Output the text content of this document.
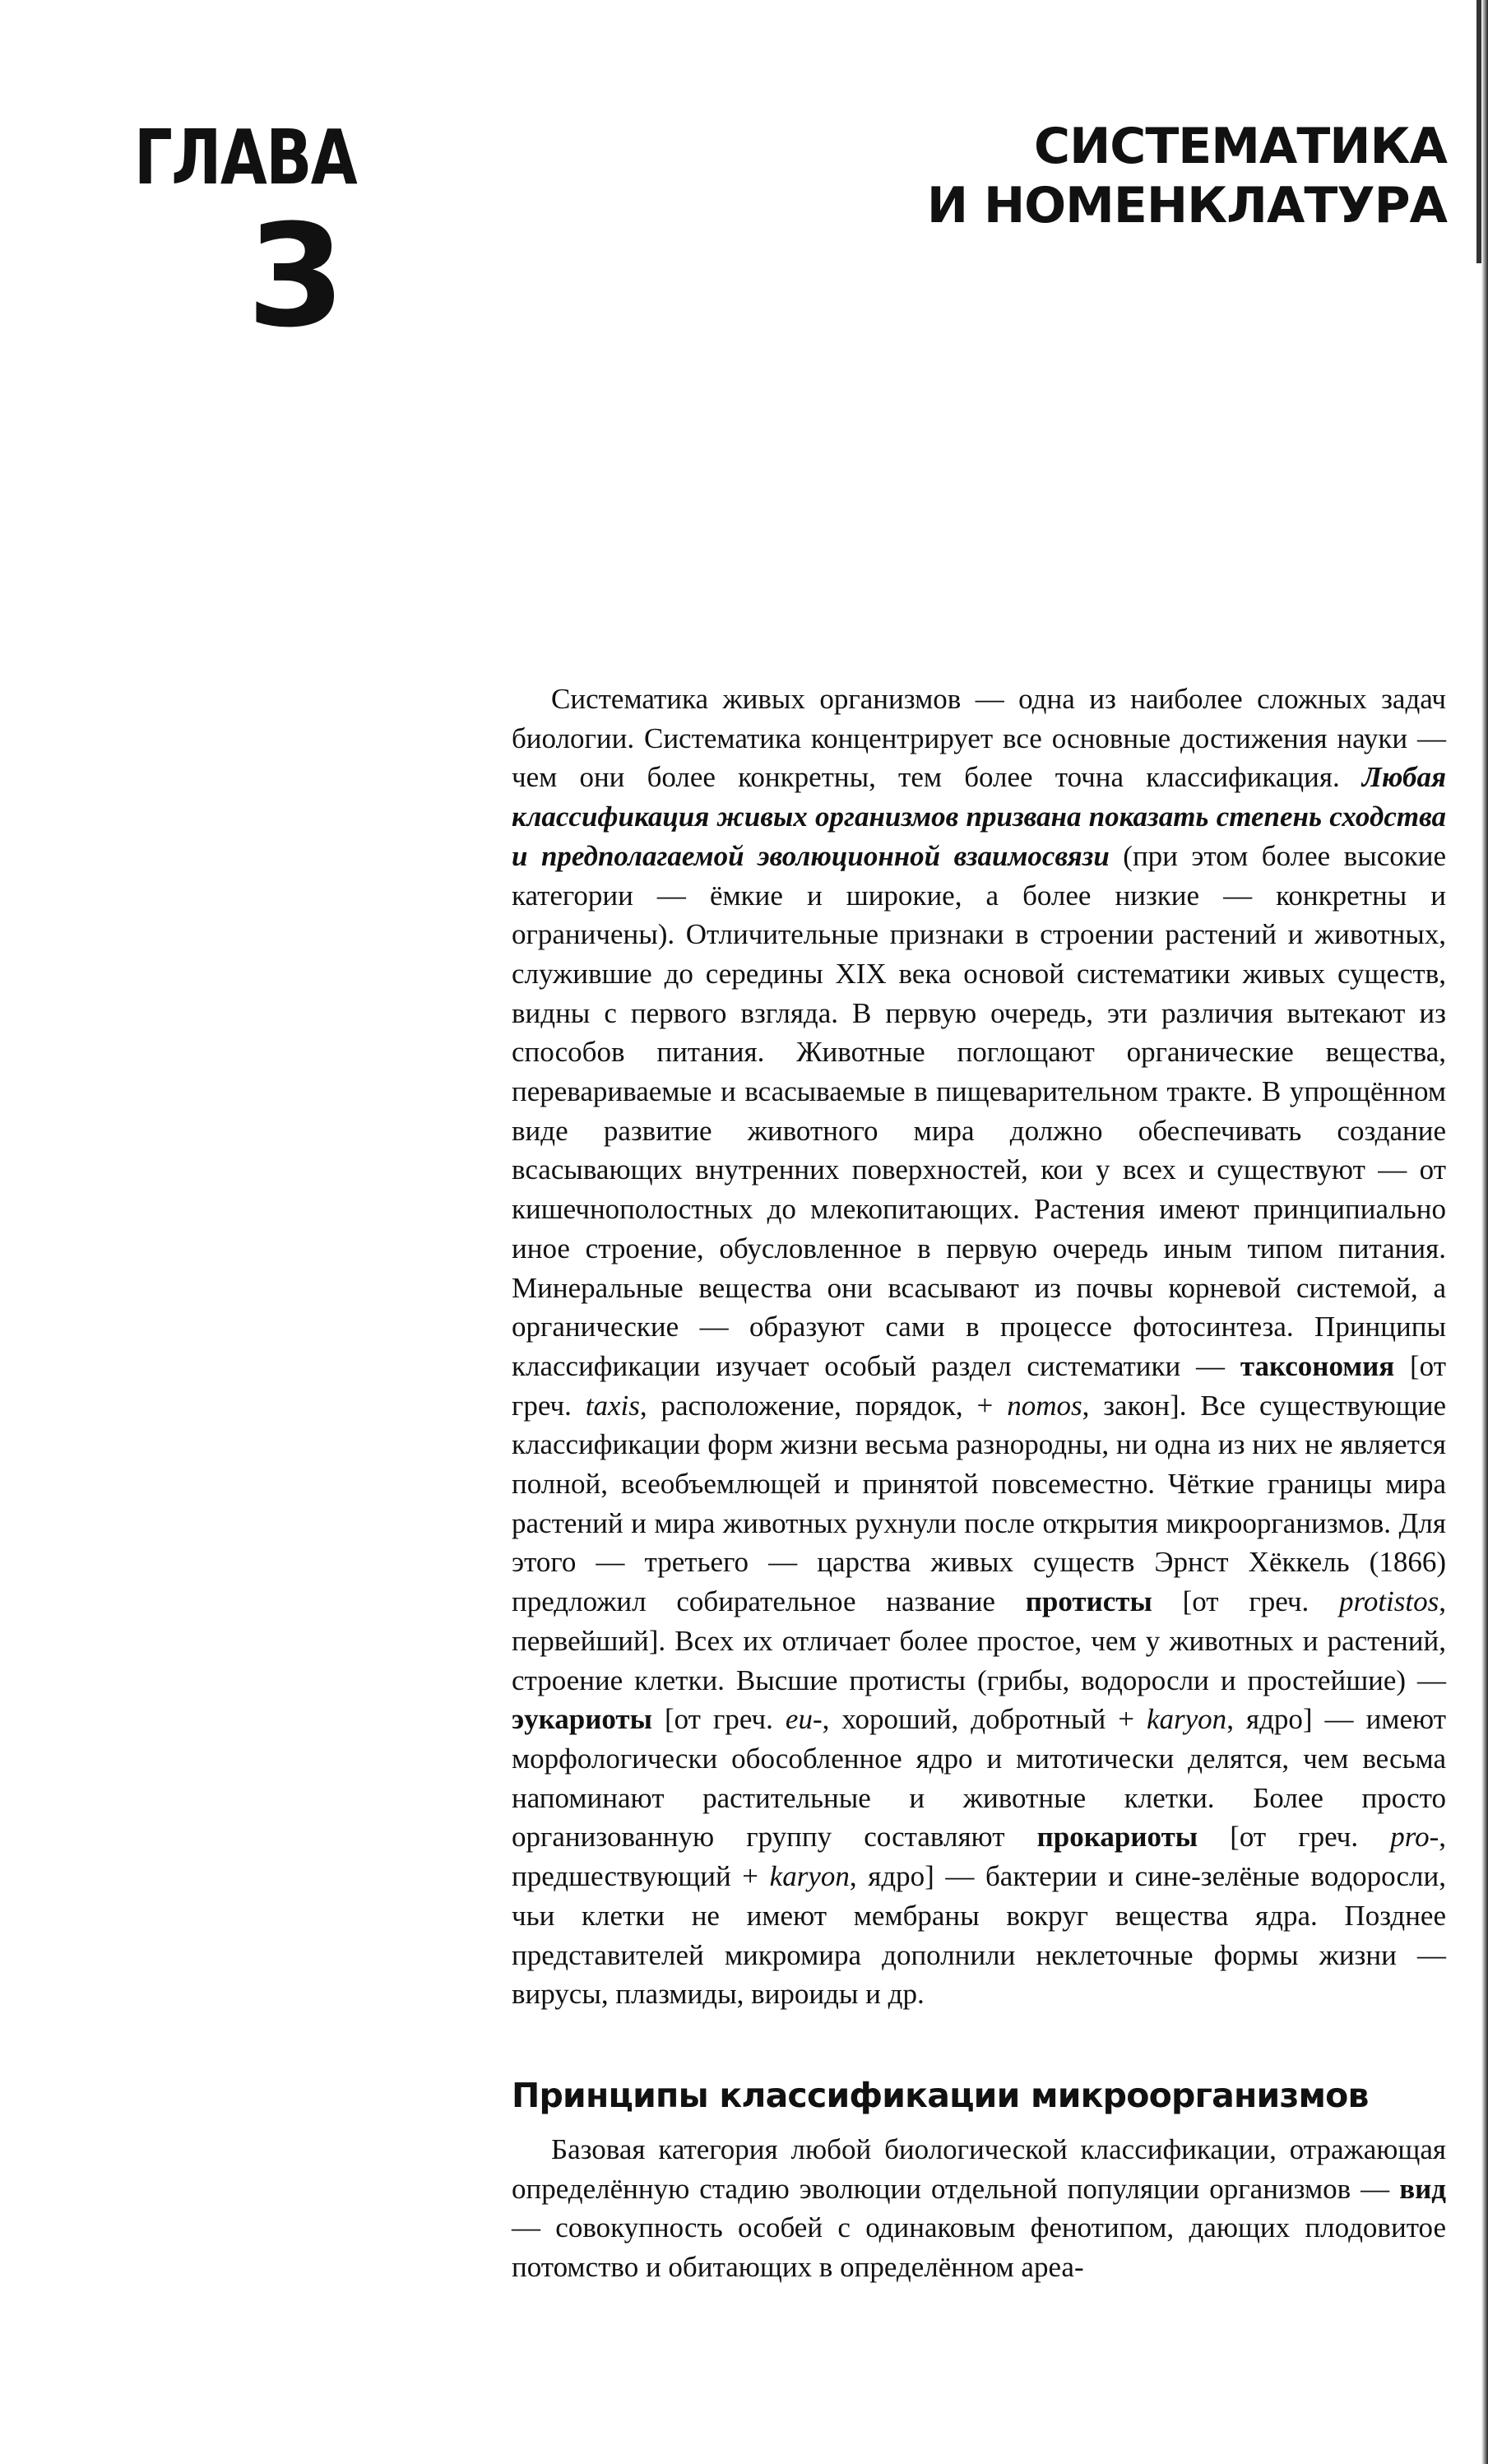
ГЛАВА
3
СИСТЕМАТИКА
И НОМЕНКЛАТУРА

Систематика живых организмов — одна из наиболее сложных задач биологии. Систематика концентрирует все основные достижения науки — чем они более конкретны, тем более точна классификация. Любая классификация живых организмов призвана показать степень сходства и предполагаемой эволюционной взаимосвязи (при этом более высокие категории — ёмкие и широкие, а более низкие — конкретны и ограничены). Отличительные признаки в строении растений и животных, служившие до середины XIX века основой систематики живых существ, видны с первого взгляда. В первую очередь, эти различия вытекают из способов питания. Животные поглощают органические вещества, перевариваемые и всасываемые в пищеварительном тракте. В упрощённом виде развитие животного мира должно обеспечивать создание всасывающих внутренних поверхностей, кои у всех и существуют — от кишечнополостных до млекопитающих. Растения имеют принципиально иное строение, обусловленное в первую очередь иным типом питания. Минеральные вещества они всасывают из почвы корневой системой, а органические — образуют сами в процессе фотосинтеза. Принципы классификации изучает особый раздел систематики — таксономия [от греч. taxis, расположение, порядок, + nomos, закон]. Все существующие классификации форм жизни весьма разнородны, ни одна из них не является полной, всеобъемлющей и принятой повсеместно. Чёткие границы мира растений и мира животных рухнули после открытия микроорганизмов. Для этого — третьего — царства живых существ Эрнст Хёккель (1866) предложил собирательное название протисты [от греч. protistos, первейший]. Всех их отличает более простое, чем у животных и растений, строение клетки. Высшие протисты (грибы, водоросли и простейшие) — эукариоты [от греч. eu-, хороший, добротный + karyon, ядро] — имеют морфологически обособленное ядро и митотически делятся, чем весьма напоминают растительные и животные клетки. Более просто организованную группу составляют прокариоты [от греч. pro-, предшествующий + karyon, ядро] — бактерии и сине-зелёные водоросли, чьи клетки не имеют мембраны вокруг вещества ядра. Позднее представителей микромира дополнили неклеточные формы жизни — вирусы, плазмиды, вироиды и др.

Принципы классификации микроорганизмов

Базовая категория любой биологической классификации, отражающая определённую стадию эволюции отдельной популяции организмов — вид — совокупность особей с одинаковым фенотипом, дающих плодовитое потомство и обитающих в определённом ареа-
